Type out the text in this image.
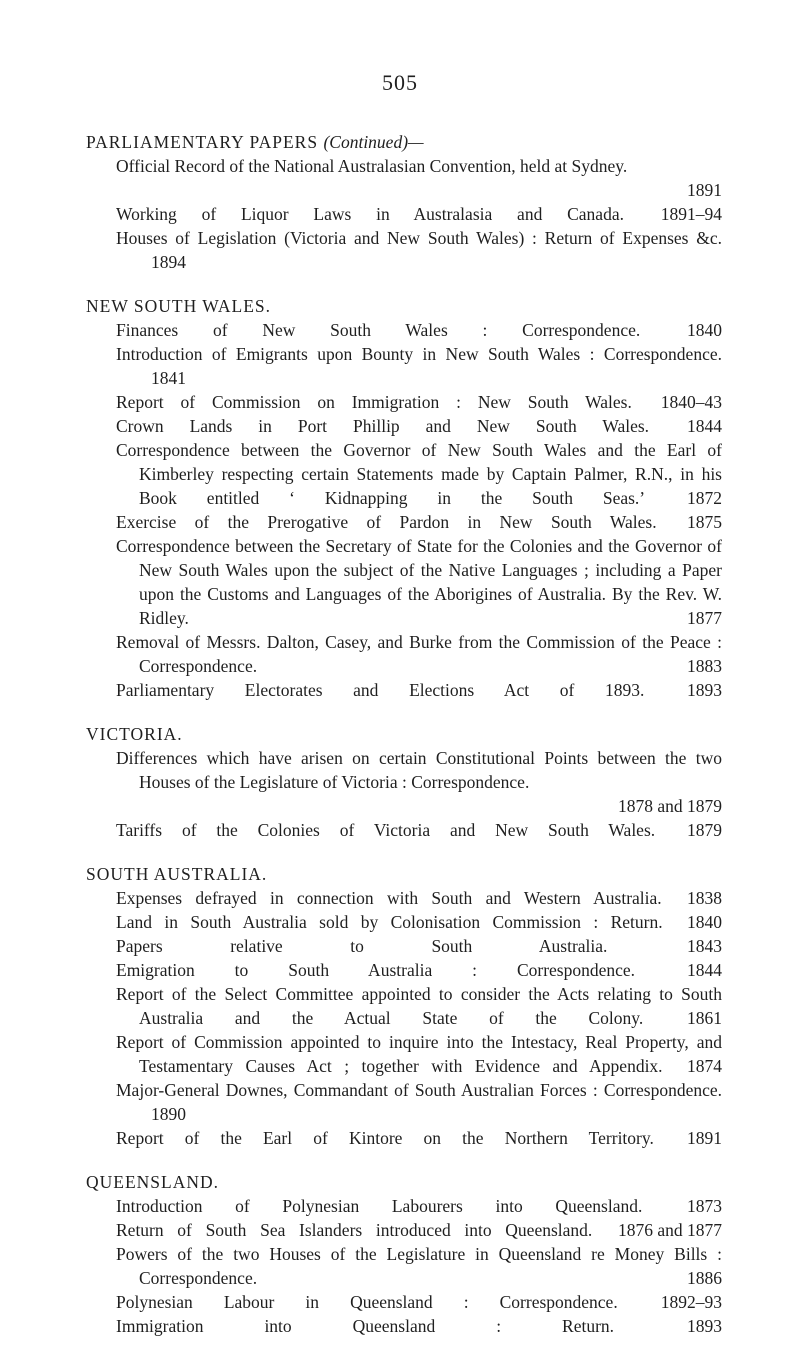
505
PARLIAMENTARY PAPERS (Continued)—
Official Record of the National Australasian Convention, held at Sydney.
1891
Working of Liquor Laws in Australasia and Canada. 1891–94
Houses of Legislation (Victoria and New South Wales) : Return of Expenses &c. 1894
NEW SOUTH WALES.
Finances of New South Wales : Correspondence.	1840
Introduction of Emigrants upon Bounty in New South Wales : Correspondence. 1841
Report of Commission on Immigration : New South Wales. 1840–43
Crown Lands in Port Phillip and New South Wales. 1844
Correspondence between the Governor of New South Wales and the Earl of Kimberley respecting certain Statements made by Captain Palmer, R.N., in his Book entitled ‘ Kidnapping in the South Seas.’ 1872
Exercise of the Prerogative of Pardon in New South Wales. 1875
Correspondence between the Secretary of State for the Colonies and the Governor of New South Wales upon the subject of the Native Languages ; including a Paper upon the Customs and Languages of the Aborigines of Australia. By the Rev. W. Ridley.	1877
Removal of Messrs. Dalton, Casey, and Burke from the Commission of the Peace : Correspondence.	1883
Parliamentary Electorates and Elections Act of 1893. 1893
VICTORIA.
Differences which have arisen on certain Constitutional Points between the two Houses of the Legislature of Victoria : Correspondence.
1878 and 1879
Tariffs of the Colonies of Victoria and New South Wales. 1879
SOUTH AUSTRALIA.
Expenses defrayed in connection with South and Western Australia. 1838
Land in South Australia sold by Colonisation Commission : Return. 1840
Papers relative to South Australia.	1843
Emigration to South Australia : Correspondence.	1844
Report of the Select Committee appointed to consider the Acts relating to South Australia and the Actual State of the Colony. 1861
Report of Commission appointed to inquire into the Intestacy, Real Property, and Testamentary Causes Act ; together with Evidence and Appendix. 1874
Major-General Downes, Commandant of South Australian Forces : Correspondence. 1890
Report of the Earl of Kintore on the Northern Territory. 1891
QUEENSLAND.
Introduction of Polynesian Labourers into Queensland.	1873
Return of South Sea Islanders introduced into Queensland. 1876 and 1877
Powers of the two Houses of the Legislature in Queensland re Money Bills : Correspondence.	1886
Polynesian Labour in Queensland : Correspondence. 1892–93
Immigration into Queensland : Return.	1893
